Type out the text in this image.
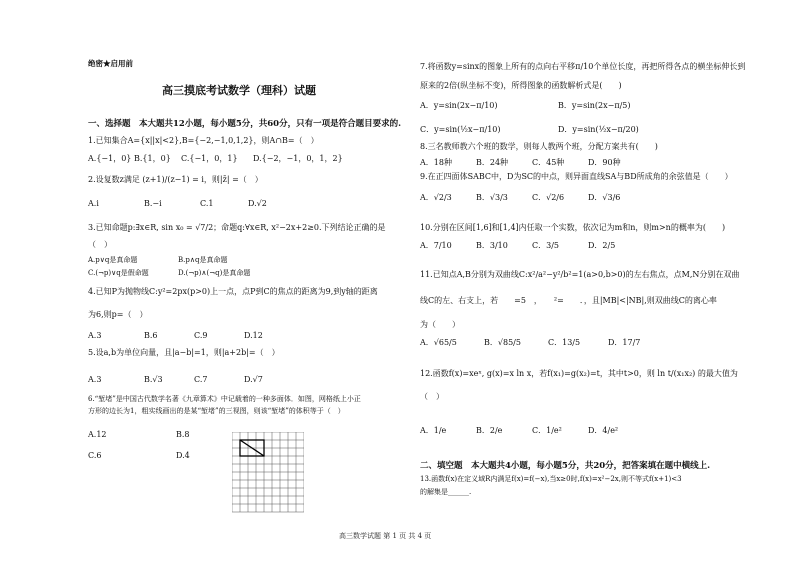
绝密★启用前
高三摸底考试数学（理科）试题
一、选择题　本大题共12小题，每小题5分，共60分，只有一项是符合题目要求的.
1.已知集合A={x||x|<2},B={−2,−1,0,1,2}，则A∩B=（　）
A.{−1，0} B.{1，0} C.{−1，0，1} D.{−2，−1，0，1，2}
2.设复数z满足 (z+1)/(z−1) = i，则|z̄| =（　）
A.i	B.−i	C.1	D.√2
3.已知命题p:∃x∈R, sin x₀ = √7/2；命题q:∀x∈R, x²−2x+2≥0.下列结论正确的是
（　）
A.p∨q是真命题	B.p∧q是真命题
C.(¬p)∨q是假命题	D.(¬p)∧(¬q)是真命题
4.已知P为抛物线C:y²=2px(p>0)上一点，点P到C的焦点的距离为9,到y轴的距离
为6,则p=（　）
A.3	B.6	C.9	D.12
5.设a,b为单位向量，且|a−b|=1，则|a+2b|=（　）
A.3	B.√3	C.7	D.√7
6.“堑堵”是中国古代数学名著《九章算术》中记载着的一种多面体．如图，网格纸上小正
方形的边长为1，粗实线画出的是某“堑堵”的三视图，则该“堑堵”的体积等于（　）
A.12	B.8
C.6	D.4
7.将函数y=sinx的图象上所有的点向右平移π/10个单位长度，再把所得各点的横坐标伸长到
原来的2倍(纵坐标不变)，所得图象的函数解析式是(　　)
A．y=sin(2x−π/10)	B．y=sin(2x−π/5)
C．y=sin(½x−π/10)	D．y=sin(½x−π/20)
8.三名教师教六个班的数学，则每人教两个班，分配方案共有(　　)
A．18种	B．24种	C．45种	D．90种
9.在正四面体SABC中，D为SC的中点，则异面直线SA与BD所成角的余弦值是（　　）
A．√2/3	B．√3/3	C．√2/6	D．√3/6
10.分别在区间[1,6]和[1,4]内任取一个实数，依次记为m和n，则m>n的概率为(　　)
A．7/10	B．3/10	C．3/5	D．2/5
11.已知点A,B分别为双曲线C:x²/a²−y²/b²=1(a>0,b>0)的左右焦点，点M,N分别在双曲
线C的左、右支上，若　　=5　，　　²=　　．，且|MB|<|NB|,则双曲线C的离心率
为（　　）
A．√65/5	B．√85/5	C．13/5	D．17/7
12.函数f(x)=xeˣ, g(x)=x ln x，若f(x₁)=g(x₂)=t，其中t>0，则 ln t/(x₁x₂) 的最大值为
（　）
A．1/e	B．2/e	C．1/e²	D．4/e²
二、填空题　本大题共4小题，每小题5分，共20分，把答案填在题中横线上.
13.函数f(x)在定义域R内满足f(x)=f(−x),当x≥0时,f(x)=x²−2x,则不等式f(x+1)<3
的解集是______.
高三数学试题 第 1 页 共 4 页
